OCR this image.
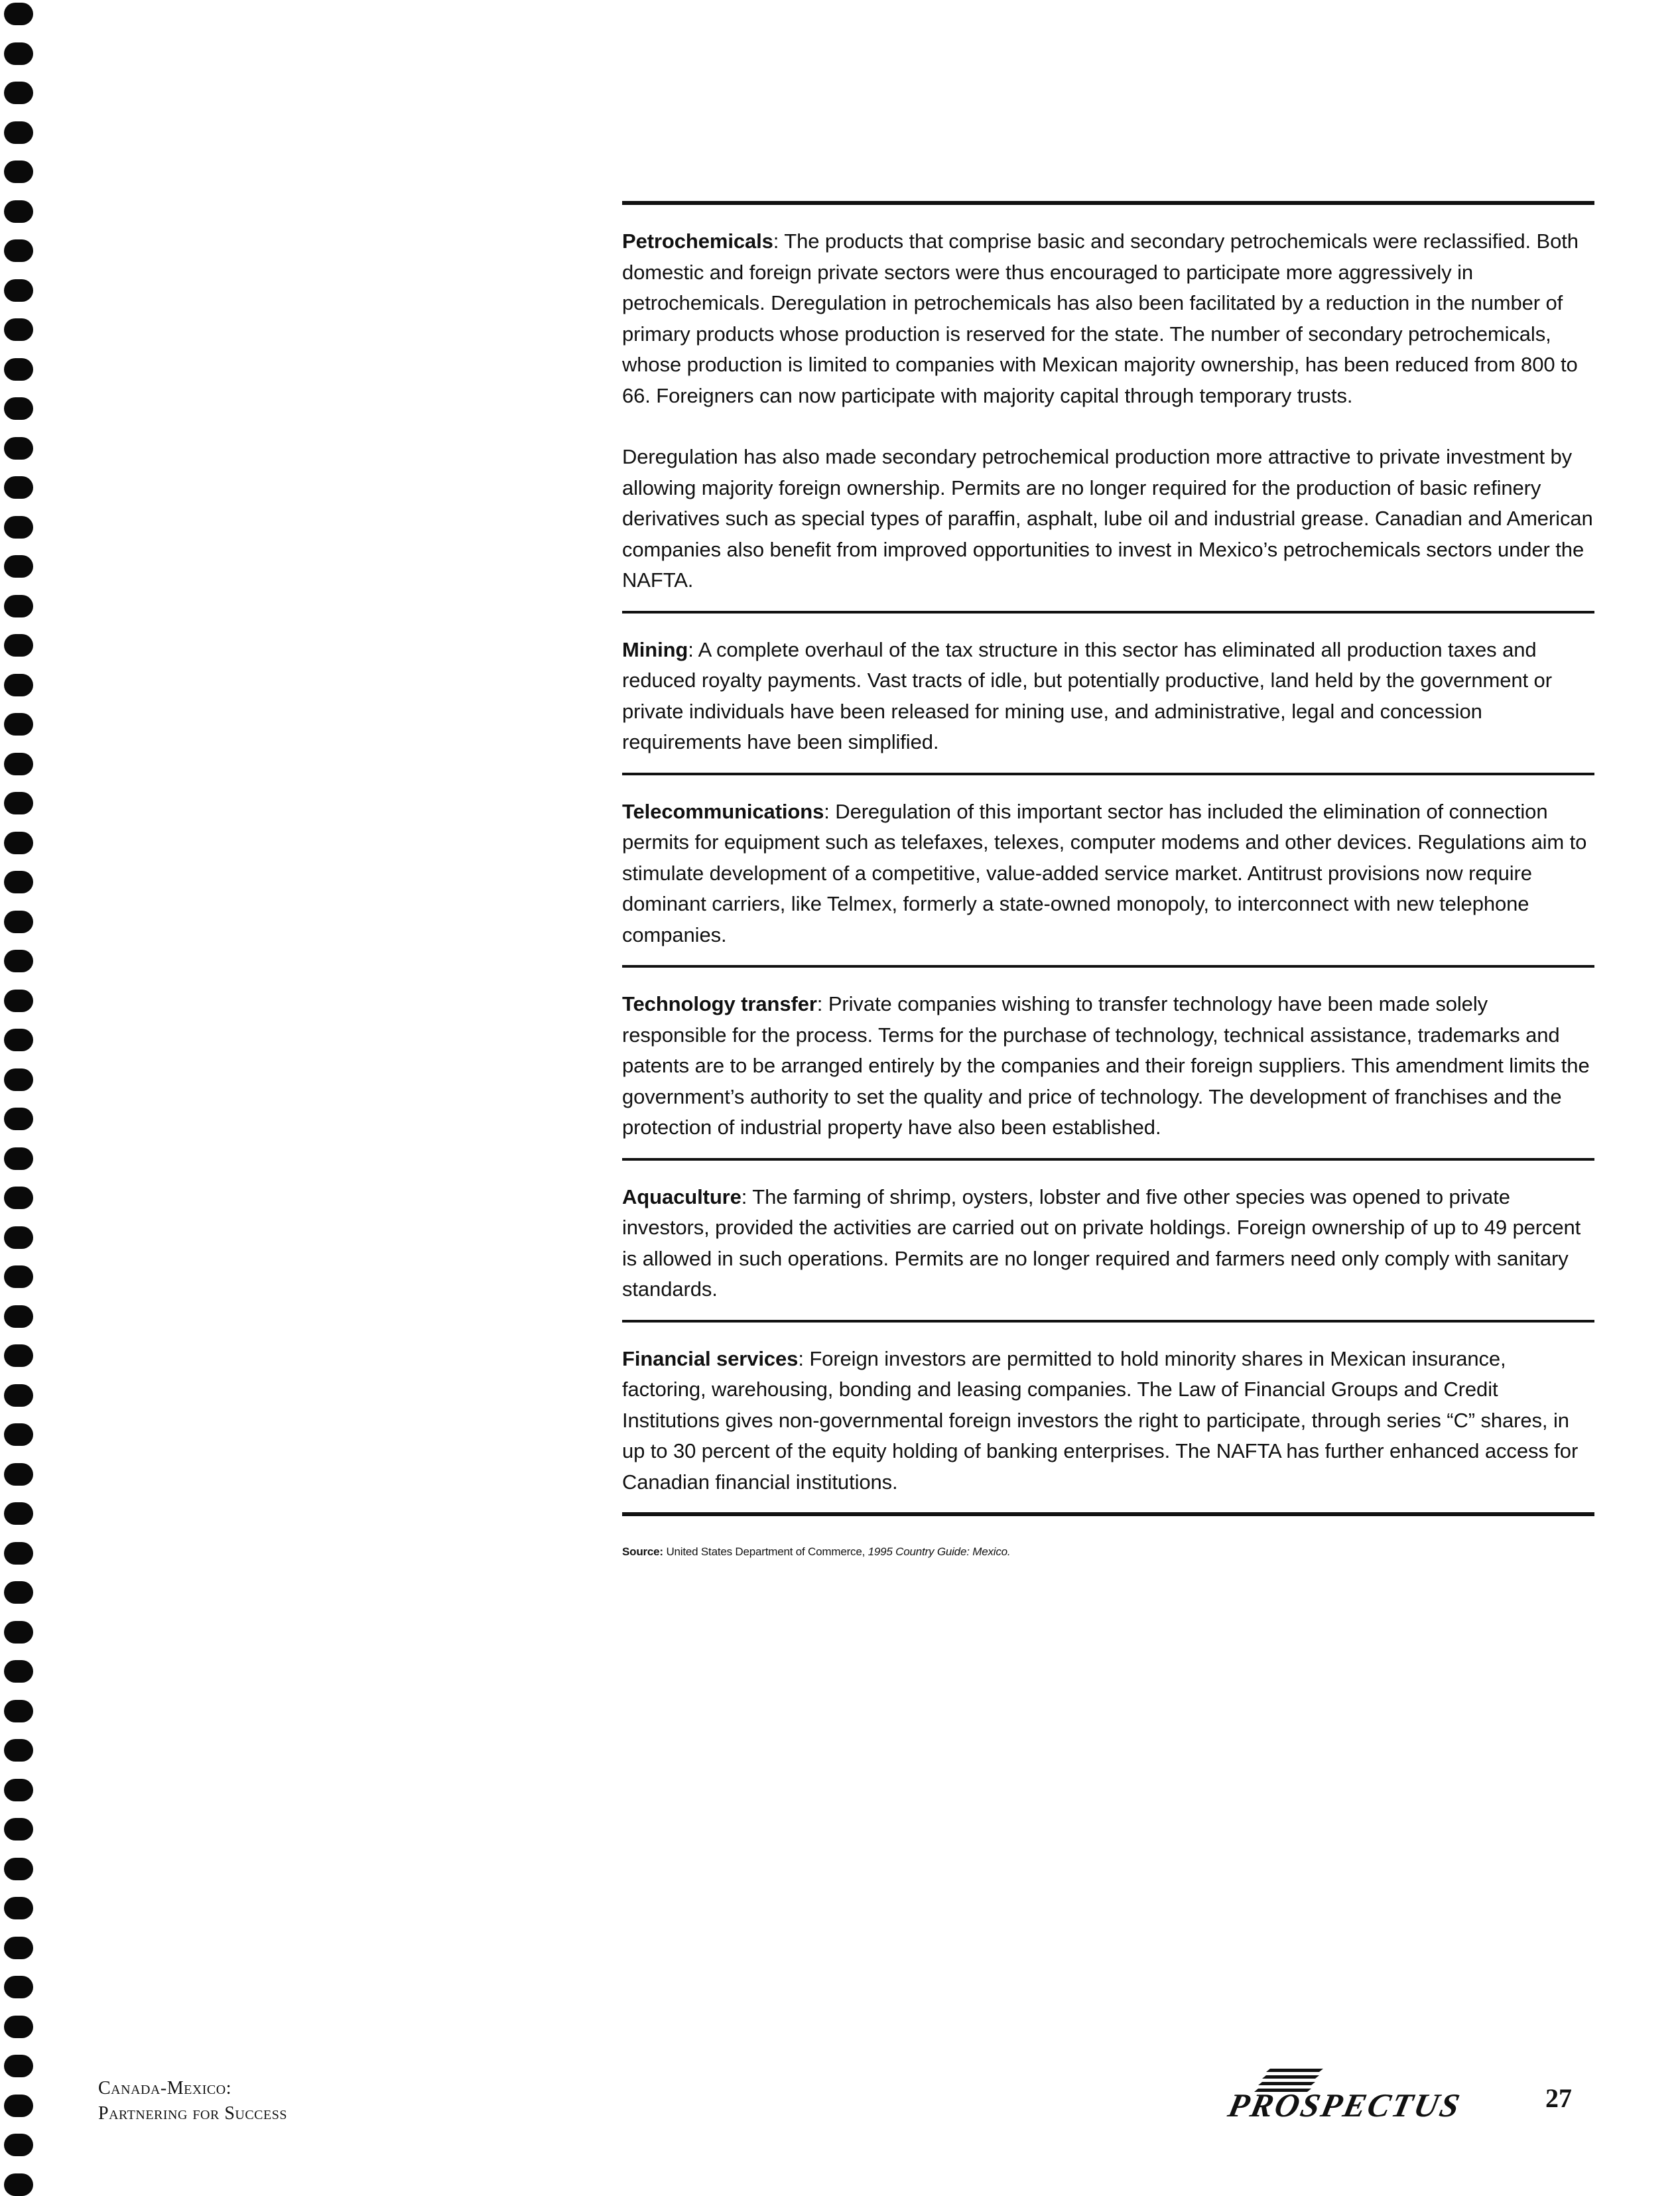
Petrochemicals: The products that comprise basic and secondary petrochemicals were reclassified. Both domestic and foreign private sectors were thus encouraged to participate more aggressively in petrochemicals. Deregulation in petrochemicals has also been facilitated by a reduction in the number of primary products whose production is reserved for the state. The number of secondary petrochemicals, whose production is limited to companies with Mexican majority ownership, has been reduced from 800 to 66. Foreigners can now participate with majority capital through temporary trusts.

Deregulation has also made secondary petrochemical production more attractive to private investment by allowing majority foreign ownership. Permits are no longer required for the production of basic refinery derivatives such as special types of paraffin, asphalt, lube oil and industrial grease. Canadian and American companies also benefit from improved opportunities to invest in Mexico’s petrochemicals sectors under the NAFTA.

Mining: A complete overhaul of the tax structure in this sector has eliminated all production taxes and reduced royalty payments. Vast tracts of idle, but potentially productive, land held by the government or private individuals have been released for mining use, and administrative, legal and concession requirements have been simplified.

Telecommunications: Deregulation of this important sector has included the elimination of connection permits for equipment such as telefaxes, telexes, computer modems and other devices. Regulations aim to stimulate development of a competitive, value-added service market. Antitrust provisions now require dominant carriers, like Telmex, formerly a state-owned monopoly, to interconnect with new telephone companies.

Technology transfer: Private companies wishing to transfer technology have been made solely responsible for the process. Terms for the purchase of technology, technical assistance, trademarks and patents are to be arranged entirely by the companies and their foreign suppliers. This amendment limits the government’s authority to set the quality and price of technology. The development of franchises and the protection of industrial property have also been established.

Aquaculture: The farming of shrimp, oysters, lobster and five other species was opened to private investors, provided the activities are carried out on private holdings. Foreign ownership of up to 49 percent is allowed in such operations. Permits are no longer required and farmers need only comply with sanitary standards.

Financial services: Foreign investors are permitted to hold minority shares in Mexican insurance, factoring, warehousing, bonding and leasing companies. The Law of Financial Groups and Credit Institutions gives non-governmental foreign investors the right to participate, through series “C” shares, in up to 30 percent of the equity holding of banking enterprises. The NAFTA has further enhanced access for Canadian financial institutions.

Source: United States Department of Commerce, 1995 Country Guide: Mexico.
Canada-Mexico:
Partnering for Success	PROSPECTUS	27
